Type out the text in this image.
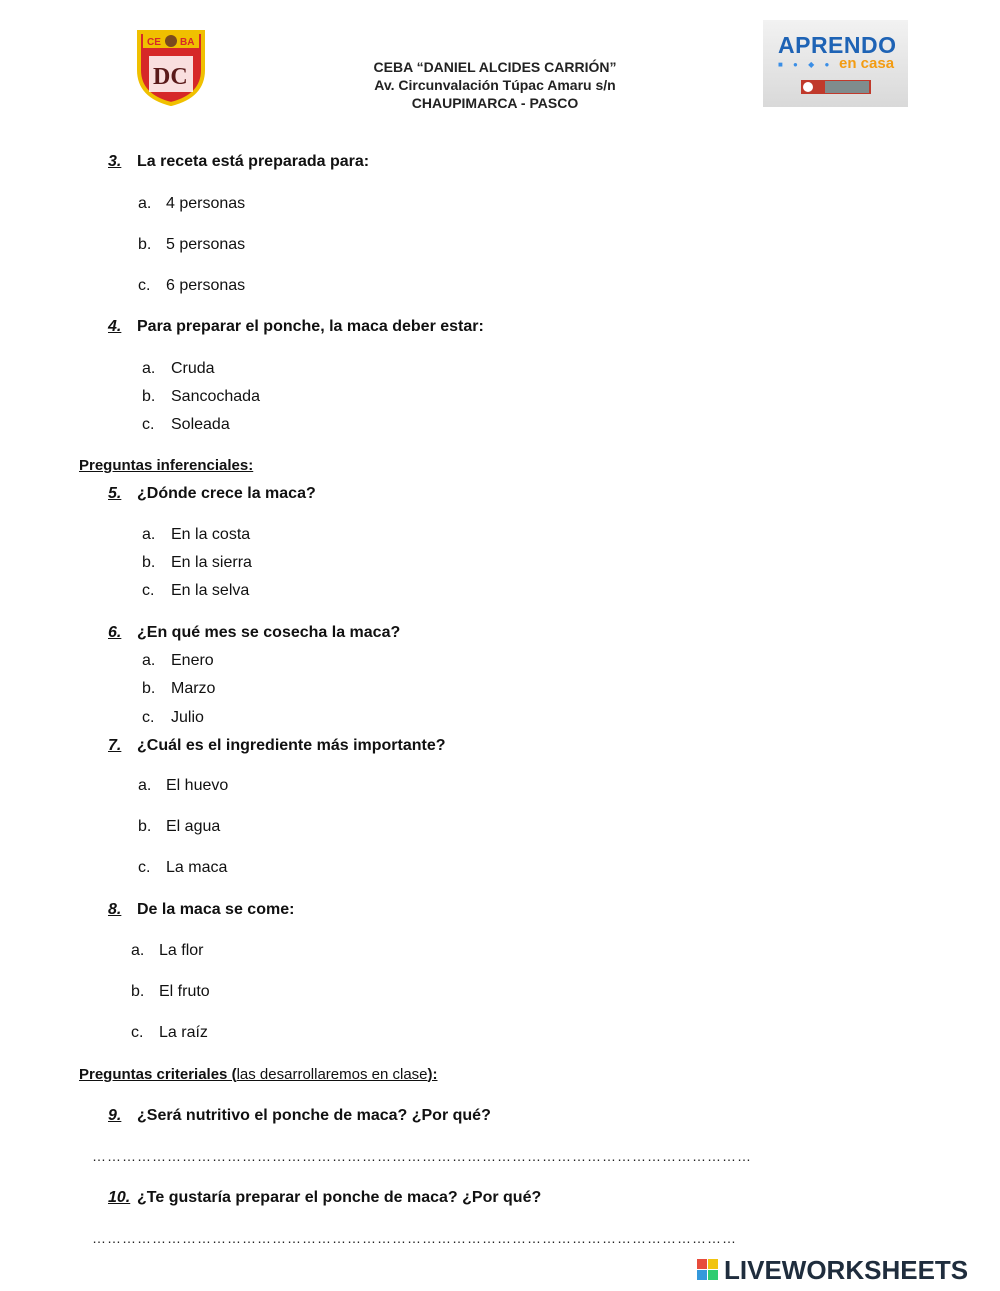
CE BA
DC	CEBA “DANIEL ALCIDES CARRIÓN”
Av. Circunvalación Túpac Amaru s/n
CHAUPIMARCA - PASCO
APRENDO
■ ● ◆ ● en casa
3. La receta está preparada para:
a. 4 personas
b. 5 personas
c. 6 personas
4. Para preparar el ponche, la maca deber estar:
a. Cruda
b. Sancochada
c. Soleada
Preguntas inferenciales:
5. ¿Dónde crece la maca?
a. En la costa
b. En la sierra
c. En la selva
6. ¿En qué mes se cosecha la maca?
a. Enero
b. Marzo
c. Julio
7. ¿Cuál es el ingrediente más importante?
a. El huevo
b. El agua
c. La maca
8. De la maca se come:
a. La flor
b. El fruto
c. La raíz
Preguntas criteriales (las desarrollaremos en clase):
9. ¿Será nutritivo el ponche de maca? ¿Por qué?
……………………………………………………………………………………………………………………
10. ¿Te gustaría preparar el ponche de maca? ¿Por qué?
…………………………………………………………………………………………………………………
LIVEWORKSHEETS
